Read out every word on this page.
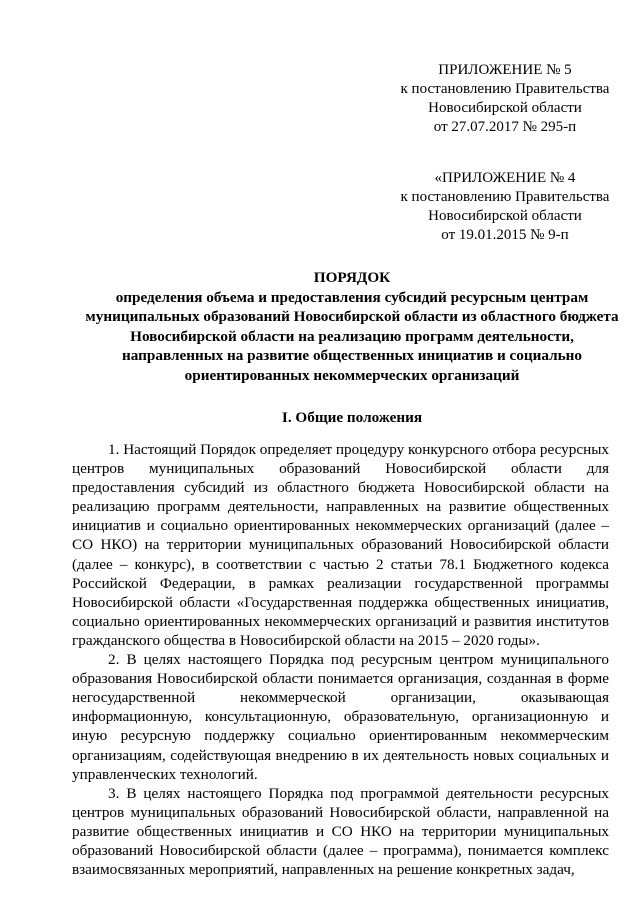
ПРИЛОЖЕНИЕ № 5
к постановлению Правительства
Новосибирской области
от 27.07.2017 № 295-п
«ПРИЛОЖЕНИЕ № 4
к постановлению Правительства
Новосибирской области
от 19.01.2015 № 9-п
ПОРЯДОК
определения объема и предоставления субсидий ресурсным центрам
муниципальных образований Новосибирской области из областного бюджета
Новосибирской области на реализацию программ деятельности,
направленных на развитие общественных инициатив и социально
ориентированных некоммерческих организаций
I. Общие положения

1. Настоящий Порядок определяет процедуру конкурсного отбора ресурсных центров муниципальных образований Новосибирской области для предоставления субсидий из областного бюджета Новосибирской области на реализацию программ деятельности, направленных на развитие общественных инициатив и социально ориентированных некоммерческих организаций (далее – СО НКО) на территории муниципальных образований Новосибирской области (далее – конкурс), в соответствии с частью 2 статьи 78.1 Бюджетного кодекса Российской Федерации, в рамках реализации государственной программы Новосибирской области «Государственная поддержка общественных инициатив, социально ориентированных некоммерческих организаций и развития институтов гражданского общества в Новосибирской области на 2015 – 2020 годы».

2. В целях настоящего Порядка под ресурсным центром муниципального образования Новосибирской области понимается организация, созданная в форме негосударственной некоммерческой организации, оказывающая информационную, консультационную, образовательную, организационную и иную ресурсную поддержку социально ориентированным некоммерческим организациям, содействующая внедрению в их деятельность новых социальных и управленческих технологий.

3. В целях настоящего Порядка под программой деятельности ресурсных центров муниципальных образований Новосибирской области, направленной на развитие общественных инициатив и СО НКО на территории муниципальных образований Новосибирской области (далее – программа), понимается комплекс взаимосвязанных мероприятий, направленных на решение конкретных задач,
